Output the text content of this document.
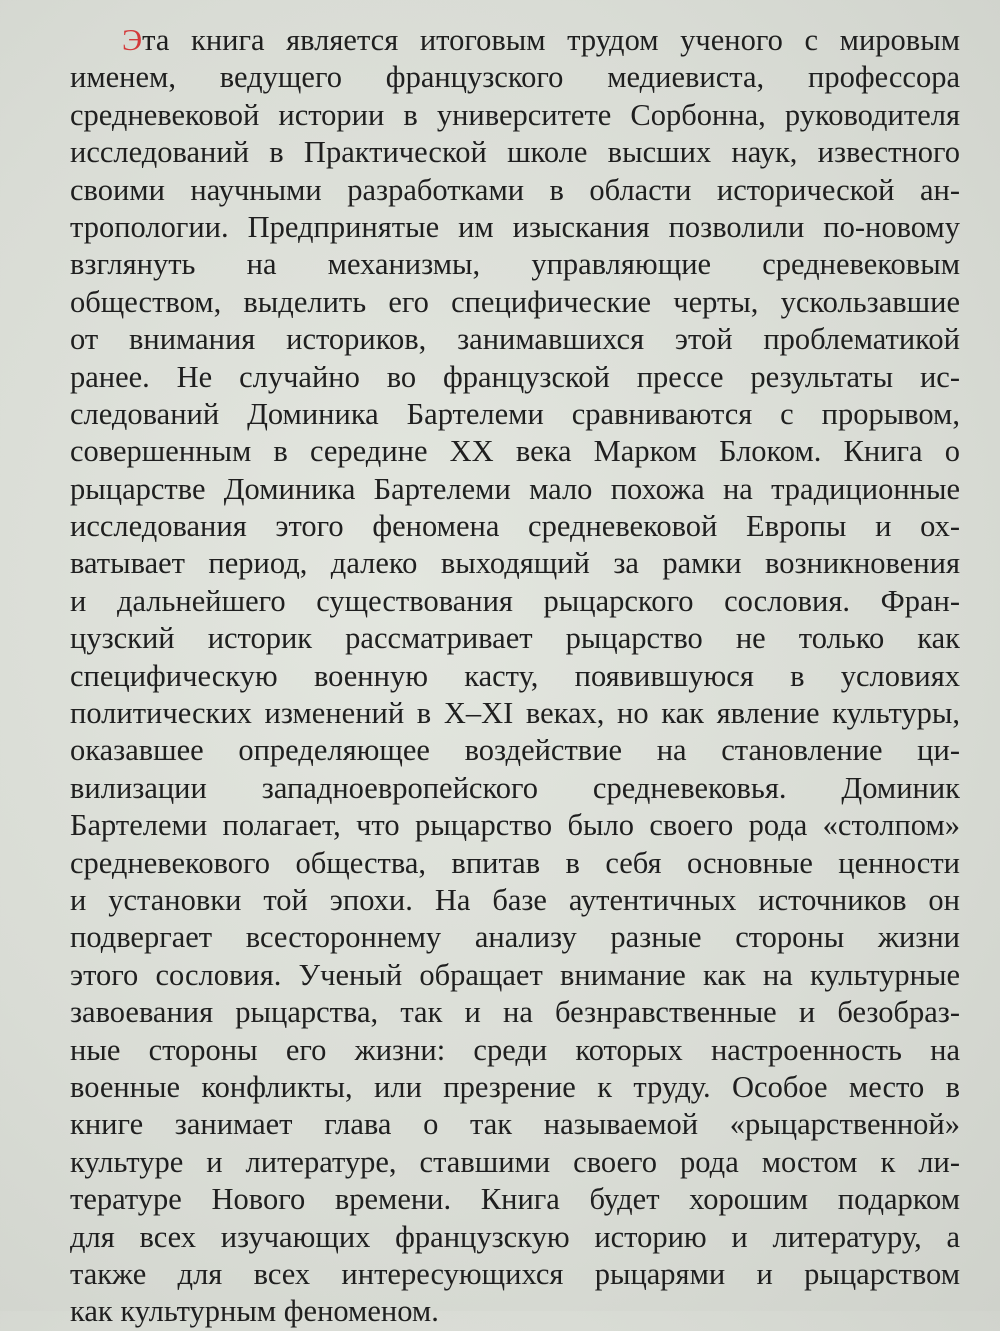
Эта книга является итоговым трудом ученого с мировым
именем, ведущего французского медиевиста, профессора
средневековой истории в университете Сорбонна, руководителя
исследований в Практической школе высших наук, известного
своими научными разработками в области исторической ан-
тропологии. Предпринятые им изыскания позволили по-новому
взглянуть на механизмы, управляющие средневековым
обществом, выделить его специфические черты, ускользавшие
от внимания историков, занимавшихся этой проблематикой
ранее. Не случайно во французской прессе результаты ис-
следований Доминика Бартелеми сравниваются с прорывом,
совершенным в середине XX века Марком Блоком. Книга о
рыцарстве Доминика Бартелеми мало похожа на традиционные
исследования этого феномена средневековой Европы и ох-
ватывает период, далеко выходящий за рамки возникновения
и дальнейшего существования рыцарского сословия. Фран-
цузский историк рассматривает рыцарство не только как
специфическую военную касту, появившуюся в условиях
политических изменений в X–XI веках, но как явление культуры,
оказавшее определяющее воздействие на становление ци-
вилизации западноевропейского средневековья. Доминик
Бартелеми полагает, что рыцарство было своего рода «столпом»
средневекового общества, впитав в себя основные ценности
и установки той эпохи. На базе аутентичных источников он
подвергает всестороннему анализу разные стороны жизни
этого сословия. Ученый обращает внимание как на культурные
завоевания рыцарства, так и на безнравственные и безобраз-
ные стороны его жизни: среди которых настроенность на
военные конфликты, или презрение к труду. Особое место в
книге занимает глава о так называемой «рыцарственной»
культуре и литературе, ставшими своего рода мостом к ли-
тературе Нового времени. Книга будет хорошим подарком
для всех изучающих французскую историю и литературу, а
также для всех интересующихся рыцарями и рыцарством
как культурным феноменом.
